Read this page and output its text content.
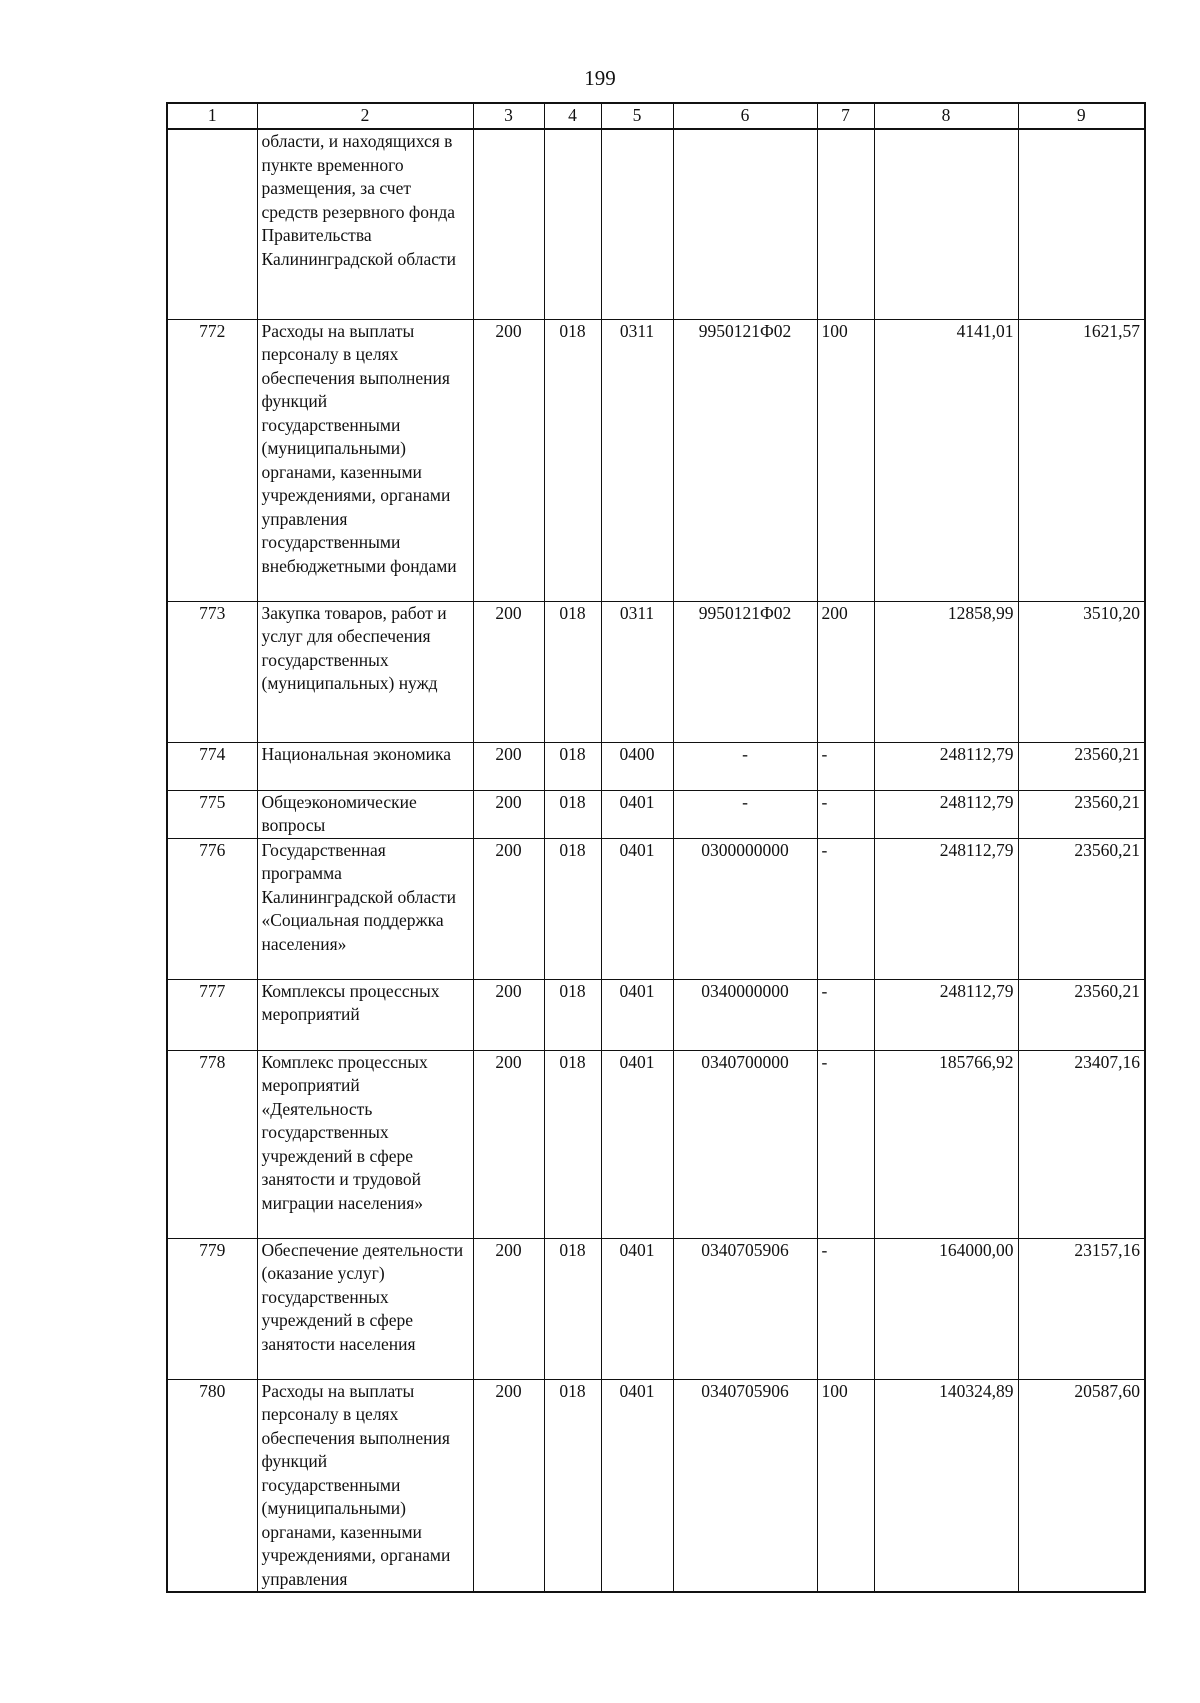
199
1	2	3	4	5	6	7	8	9
	области, и находящихся в пункте временного размещения, за счет средств резервного фонда Правительства Калининградской области							
772	Расходы на выплаты персоналу в целях обеспечения выполнения функций государственными (муниципальными) органами, казенными учреждениями, органами управления государственными внебюджетными фондами	200	018	0311	9950121Ф02	100	4141,01	1621,57
773	Закупка товаров, работ и услуг для обеспечения государственных (муниципальных) нужд	200	018	0311	9950121Ф02	200	12858,99	3510,20
774	Национальная экономика	200	018	0400	-	-	248112,79	23560,21
775	Общеэкономические вопросы	200	018	0401	-	-	248112,79	23560,21
776	Государственная программа Калининградской области «Социальная поддержка населения»	200	018	0401	0300000000	-	248112,79	23560,21
777	Комплексы процессных мероприятий	200	018	0401	0340000000	-	248112,79	23560,21
778	Комплекс процессных мероприятий «Деятельность государственных учреждений в сфере занятости и трудовой миграции населения»	200	018	0401	0340700000	-	185766,92	23407,16
779	Обеспечение деятельности (оказание услуг) государственных учреждений в сфере занятости населения	200	018	0401	0340705906	-	164000,00	23157,16
780	Расходы на выплаты персоналу в целях обеспечения выполнения функций государственными (муниципальными) органами, казенными учреждениями, органами управления	200	018	0401	0340705906	100	140324,89	20587,60
